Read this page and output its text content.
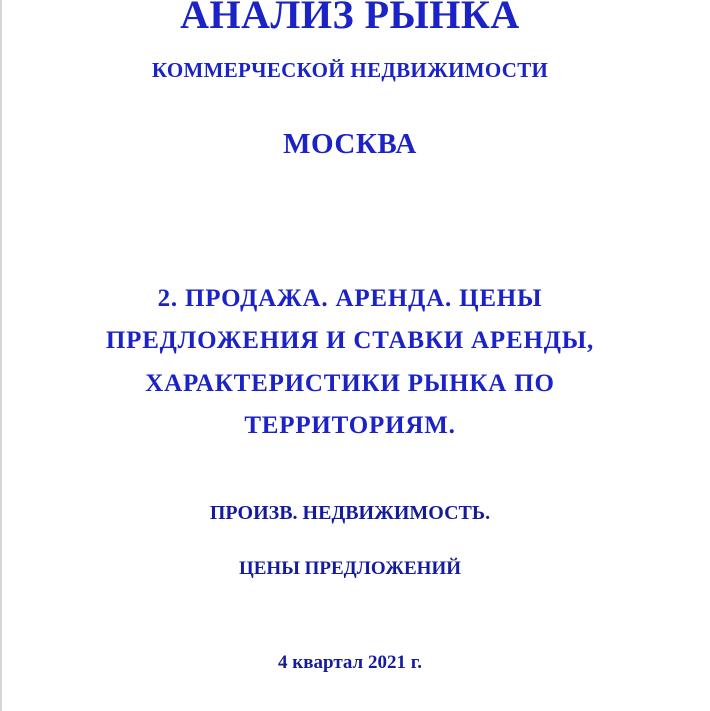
АНАЛИЗ РЫНКА
КОММЕРЧЕСКОЙ НЕДВИЖИМОСТИ
МОСКВА
2. ПРОДАЖА. АРЕНДА. ЦЕНЫ
ПРЕДЛОЖЕНИЯ И СТАВКИ АРЕНДЫ,
ХАРАКТЕРИСТИКИ РЫНКА ПО
ТЕРРИТОРИЯМ.
ПРОИЗВ. НЕДВИЖИМОСТЬ.
ЦЕНЫ ПРЕДЛОЖЕНИЙ
4 квартал 2021 г.
